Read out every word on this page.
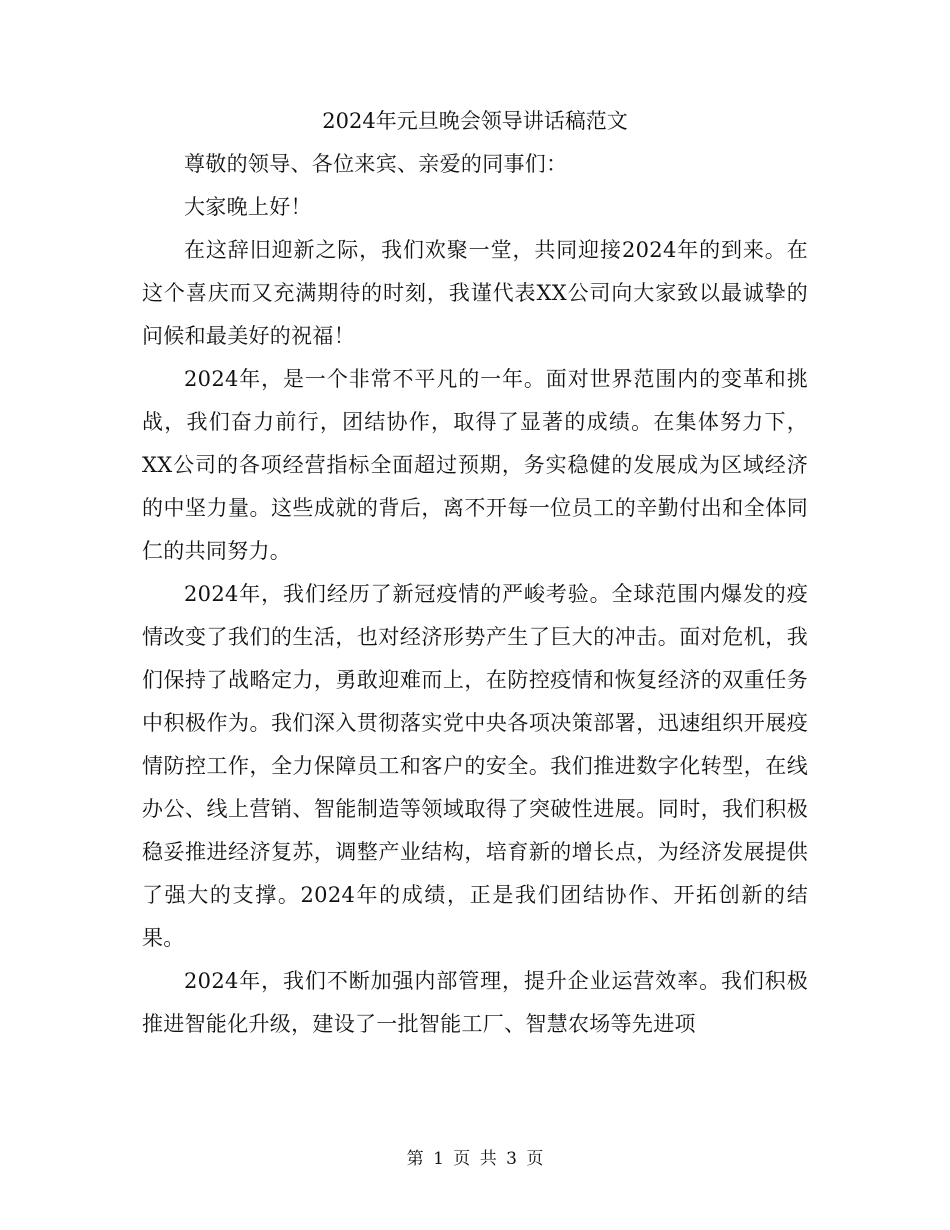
2024年元旦晚会领导讲话稿范文

尊敬的领导、各位来宾、亲爱的同事们：

大家晚上好！

在这辞旧迎新之际，我们欢聚一堂，共同迎接2024年的到来。在这个喜庆而又充满期待的时刻，我谨代表XX公司向大家致以最诚挚的问候和最美好的祝福！

2024年，是一个非常不平凡的一年。面对世界范围内的变革和挑战，我们奋力前行，团结协作，取得了显著的成绩。在集体努力下，XX公司的各项经营指标全面超过预期，务实稳健的发展成为区域经济的中坚力量。这些成就的背后，离不开每一位员工的辛勤付出和全体同仁的共同努力。

2024年，我们经历了新冠疫情的严峻考验。全球范围内爆发的疫情改变了我们的生活，也对经济形势产生了巨大的冲击。面对危机，我们保持了战略定力，勇敢迎难而上，在防控疫情和恢复经济的双重任务中积极作为。我们深入贯彻落实党中央各项决策部署，迅速组织开展疫情防控工作，全力保障员工和客户的安全。我们推进数字化转型，在线办公、线上营销、智能制造等领域取得了突破性进展。同时，我们积极稳妥推进经济复苏，调整产业结构，培育新的增长点，为经济发展提供了强大的支撑。2024年的成绩，正是我们团结协作、开拓创新的结果。

2024年，我们不断加强内部管理，提升企业运营效率。我们积极推进智能化升级，建设了一批智能工厂、智慧农场等先进项

第 1 页 共 3 页
